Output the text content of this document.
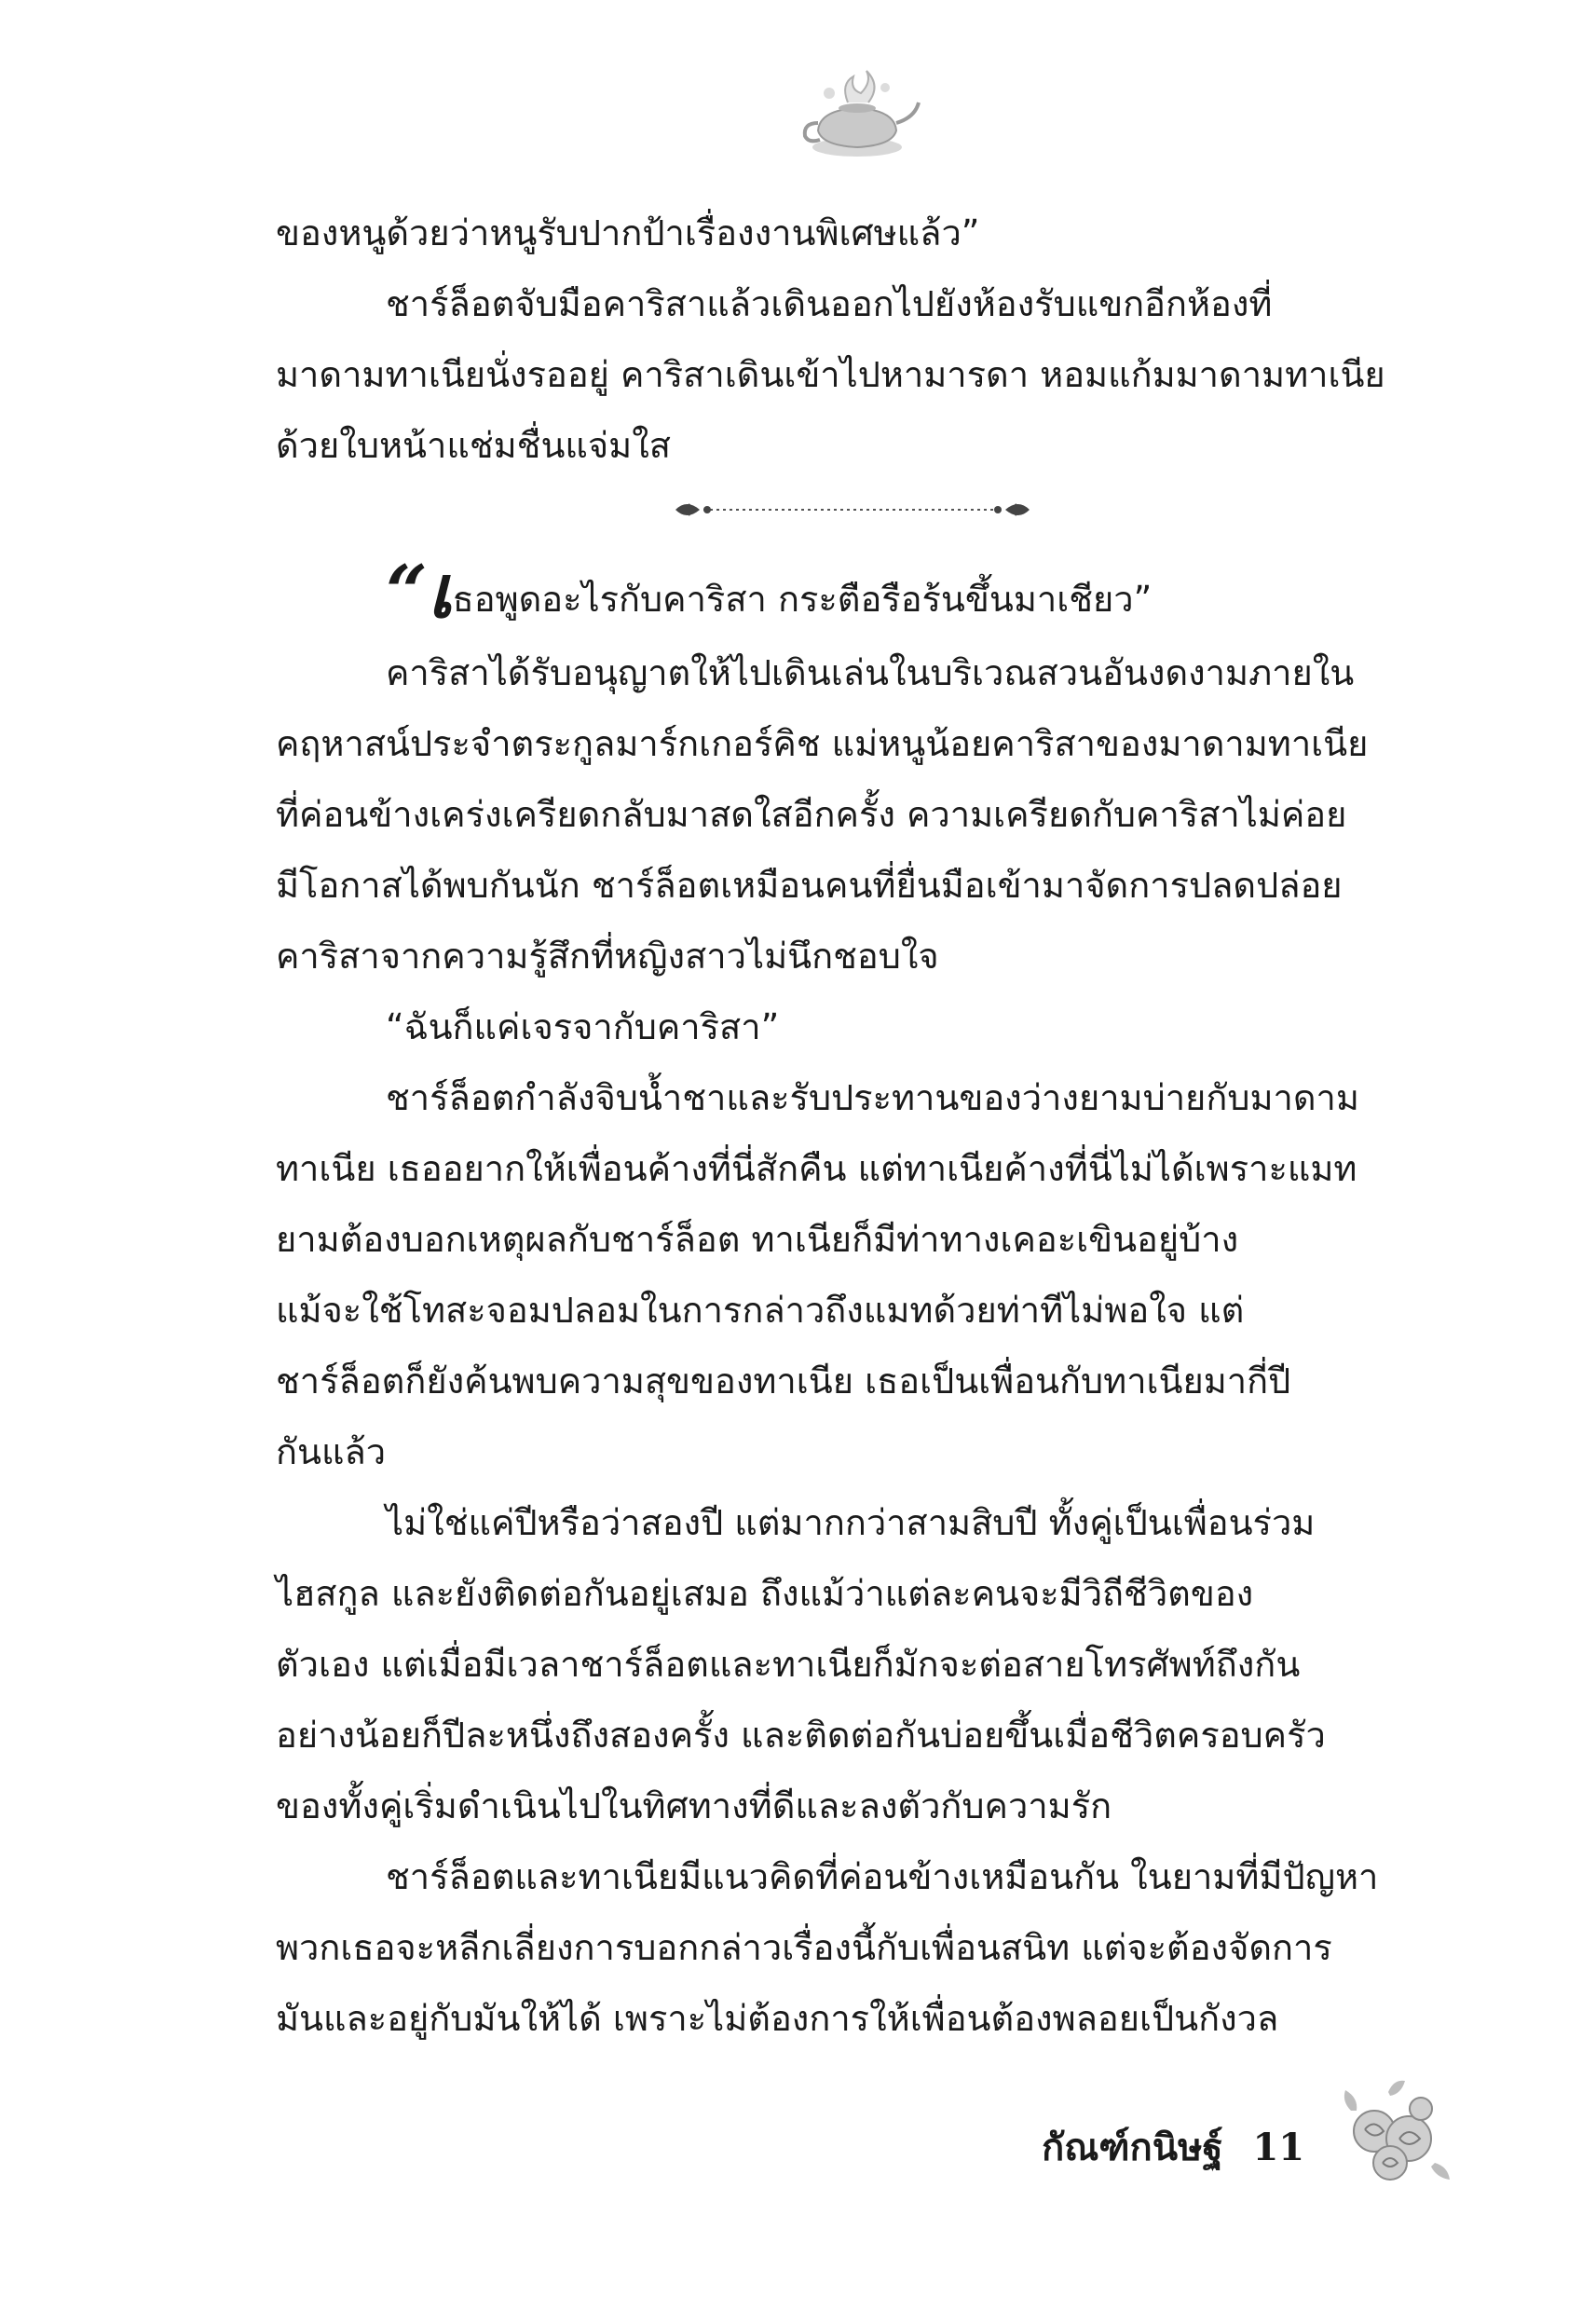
ของหนูด้วยว่าหนูรับปากป้าเรื่องงานพิเศษแล้ว”
ชาร์ล็อตจับมือคาริสาแล้วเดินออกไปยังห้องรับแขกอีกห้องที่
มาดามทาเนียนั่งรออยู่ คาริสาเดินเข้าไปหามารดา หอมแก้มมาดามทาเนีย
ด้วยใบหน้าแช่มชื่นแจ่มใส
“เธอพูดอะไรกับคาริสา กระตือรือร้นขึ้นมาเชียว”
คาริสาได้รับอนุญาตให้ไปเดินเล่นในบริเวณสวนอันงดงามภายใน
คฤหาสน์ประจำตระกูลมาร์กเกอร์คิช แม่หนูน้อยคาริสาของมาดามทาเนีย
ที่ค่อนข้างเคร่งเครียดกลับมาสดใสอีกครั้ง ความเครียดกับคาริสาไม่ค่อย
มีโอกาสได้พบกันนัก ชาร์ล็อตเหมือนคนที่ยื่นมือเข้ามาจัดการปลดปล่อย
คาริสาจากความรู้สึกที่หญิงสาวไม่นึกชอบใจ
“ฉันก็แค่เจรจากับคาริสา”
ชาร์ล็อตกำลังจิบน้ำชาและรับประทานของว่างยามบ่ายกับมาดาม
ทาเนีย เธออยากให้เพื่อนค้างที่นี่สักคืน แต่ทาเนียค้างที่นี่ไม่ได้เพราะแมท
ยามต้องบอกเหตุผลกับชาร์ล็อต ทาเนียก็มีท่าทางเคอะเขินอยู่บ้าง
แม้จะใช้โทสะจอมปลอมในการกล่าวถึงแมทด้วยท่าทีไม่พอใจ แต่
ชาร์ล็อตก็ยังค้นพบความสุขของทาเนีย เธอเป็นเพื่อนกับทาเนียมากี่ปี
กันแล้ว
ไม่ใช่แค่ปีหรือว่าสองปี แต่มากกว่าสามสิบปี ทั้งคู่เป็นเพื่อนร่วม
ไฮสกูล และยังติดต่อกันอยู่เสมอ ถึงแม้ว่าแต่ละคนจะมีวิถีชีวิตของ
ตัวเอง แต่เมื่อมีเวลาชาร์ล็อตและทาเนียก็มักจะต่อสายโทรศัพท์ถึงกัน
อย่างน้อยก็ปีละหนึ่งถึงสองครั้ง และติดต่อกันบ่อยขึ้นเมื่อชีวิตครอบครัว
ของทั้งคู่เริ่มดำเนินไปในทิศทางที่ดีและลงตัวกับความรัก
ชาร์ล็อตและทาเนียมีแนวคิดที่ค่อนข้างเหมือนกัน ในยามที่มีปัญหา
พวกเธอจะหลีกเลี่ยงการบอกกล่าวเรื่องนี้กับเพื่อนสนิท แต่จะต้องจัดการ
มันและอยู่กับมันให้ได้ เพราะไม่ต้องการให้เพื่อนต้องพลอยเป็นกังวล
กัณฑ์กนิษฐ์ 11
